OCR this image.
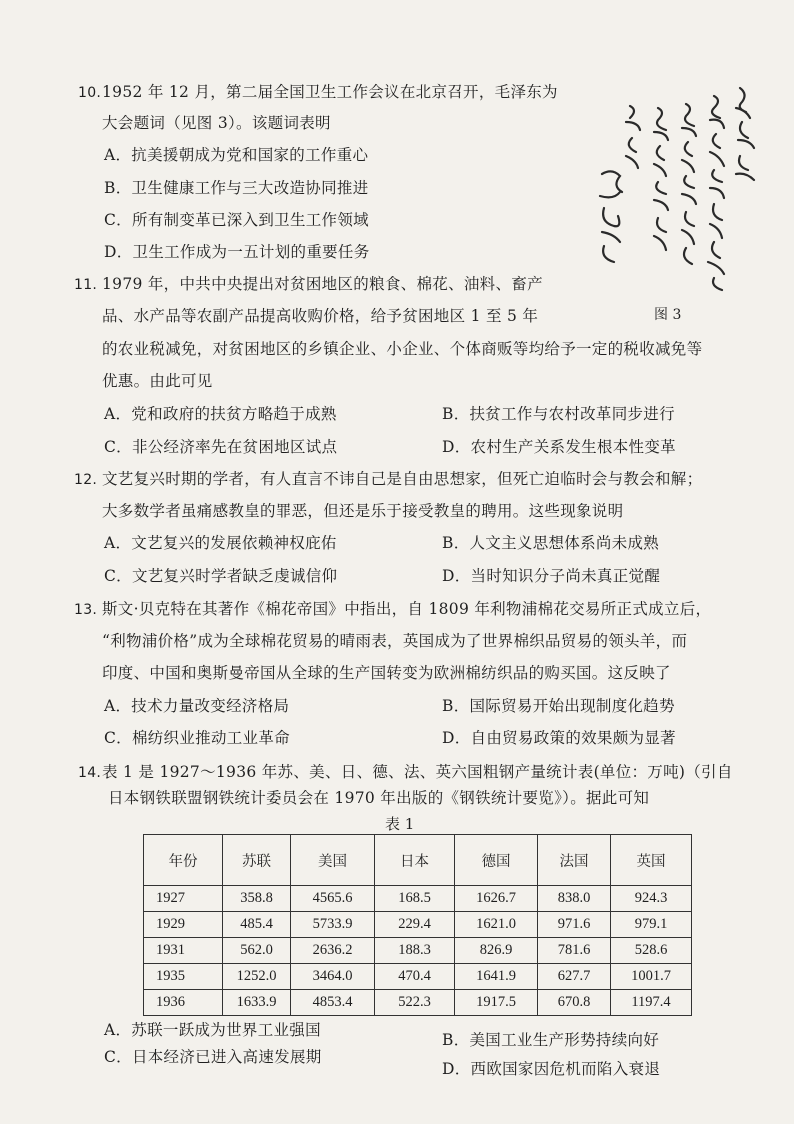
10. 1952 年 12 月，第二届全国卫生工作会议在北京召开，毛泽东为
大会题词（见图 3）。该题词表明
A．抗美援朝成为党和国家的工作重心
B．卫生健康工作与三大改造协同推进
C．所有制变革已深入到卫生工作领域
D．卫生工作成为一五计划的重要任务
图 3
11. 1979 年，中共中央提出对贫困地区的粮食、棉花、油料、畜产
品、水产品等农副产品提高收购价格，给予贫困地区 1 至 5 年
的农业税减免，对贫困地区的乡镇企业、小企业、个体商贩等均给予一定的税收减免等
优惠。由此可见
A．党和政府的扶贫方略趋于成熟	B．扶贫工作与农村改革同步进行
C．非公经济率先在贫困地区试点	D．农村生产关系发生根本性变革
12. 文艺复兴时期的学者，有人直言不讳自己是自由思想家，但死亡迫临时会与教会和解；
大多数学者虽痛感教皇的罪恶，但还是乐于接受教皇的聘用。这些现象说明
A．文艺复兴的发展依赖神权庇佑	B．人文主义思想体系尚未成熟
C．文艺复兴时学者缺乏虔诚信仰	D．当时知识分子尚未真正觉醒
13. 斯文·贝克特在其著作《棉花帝国》中指出，自 1809 年利物浦棉花交易所正式成立后，
“利物浦价格”成为全球棉花贸易的晴雨表，英国成为了世界棉织品贸易的领头羊，而
印度、中国和奥斯曼帝国从全球的生产国转变为欧洲棉纺织品的购买国。这反映了
A．技术力量改变经济格局	B．国际贸易开始出现制度化趋势
C．棉纺织业推动工业革命	D．自由贸易政策的效果颇为显著
14. 表 1 是 1927～1936 年苏、美、日、德、法、英六国粗钢产量统计表(单位：万吨)（引自
日本钢铁联盟钢铁统计委员会在 1970 年出版的《钢铁统计要览》）。据此可知
表 1
年份	苏联	美国	日本	德国	法国	英国
1927	358.8	4565.6	168.5	1626.7	838.0	924.3
1929	485.4	5733.9	229.4	1621.0	971.6	979.1
1931	562.0	2636.2	188.3	826.9	781.6	528.6
1935	1252.0	3464.0	470.4	1641.9	627.7	1001.7
1936	1633.9	4853.4	522.3	1917.5	670.8	1197.4
A．苏联一跃成为世界工业强国
B．美国工业生产形势持续向好
C．日本经济已进入高速发展期
D．西欧国家因危机而陷入衰退
